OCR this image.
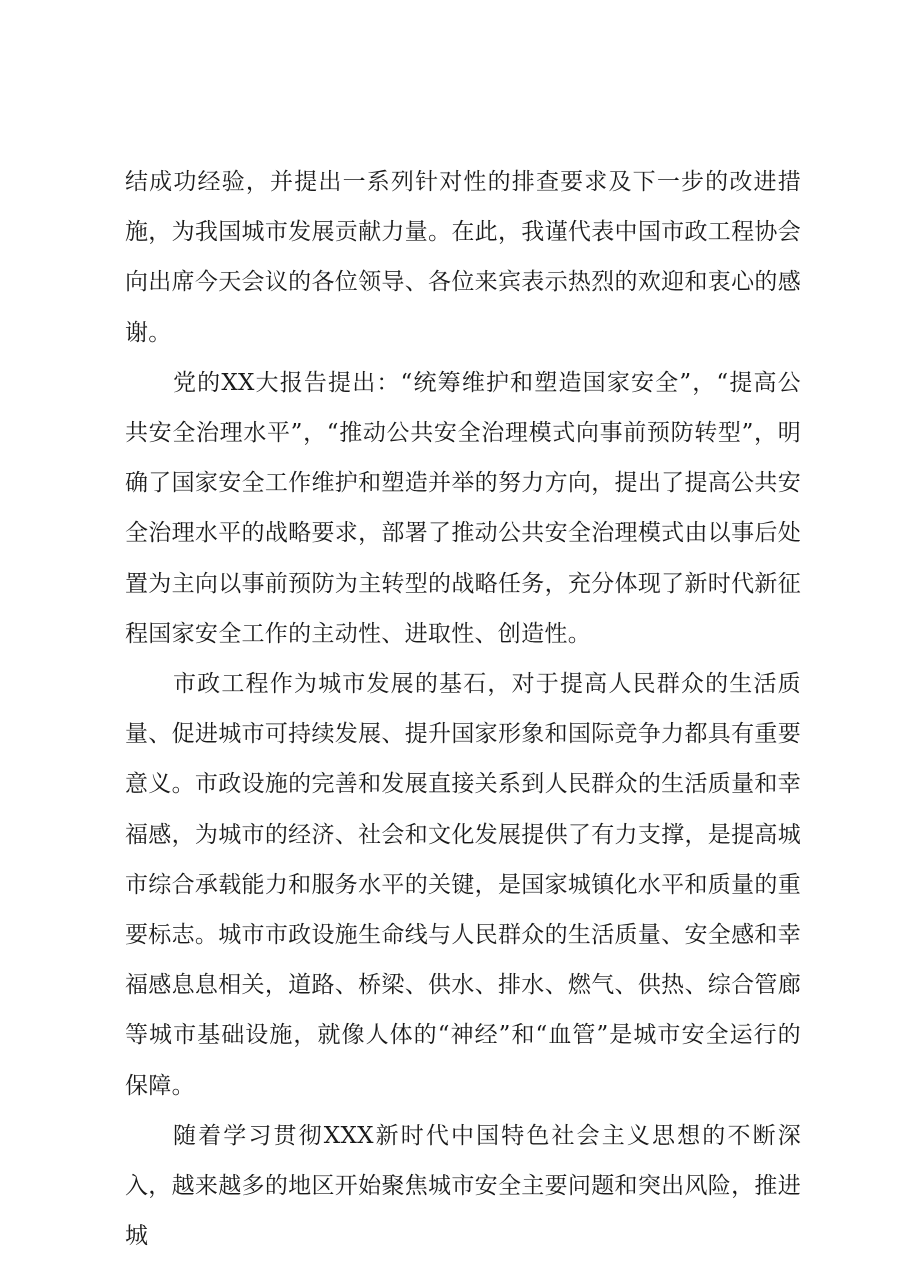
结成功经验，并提出一系列针对性的排查要求及下一步的改进措施，为我国城市发展贡献力量。在此，我谨代表中国市政工程协会向出席今天会议的各位领导、各位来宾表示热烈的欢迎和衷心的感谢。

党的XX大报告提出：“统筹维护和塑造国家安全”，“提高公共安全治理水平”，“推动公共安全治理模式向事前预防转型”，明确了国家安全工作维护和塑造并举的努力方向，提出了提高公共安全治理水平的战略要求，部署了推动公共安全治理模式由以事后处置为主向以事前预防为主转型的战略任务，充分体现了新时代新征程国家安全工作的主动性、进取性、创造性。

市政工程作为城市发展的基石，对于提高人民群众的生活质量、促进城市可持续发展、提升国家形象和国际竞争力都具有重要意义。市政设施的完善和发展直接关系到人民群众的生活质量和幸福感，为城市的经济、社会和文化发展提供了有力支撑，是提高城市综合承载能力和服务水平的关键，是国家城镇化水平和质量的重要标志。城市市政设施生命线与人民群众的生活质量、安全感和幸福感息息相关，道路、桥梁、供水、排水、燃气、供热、综合管廊等城市基础设施，就像人体的“神经”和“血管”是城市安全运行的保障。

随着学习贯彻XXX新时代中国特色社会主义思想的不断深入，越来越多的地区开始聚焦城市安全主要问题和突出风险，推进城
